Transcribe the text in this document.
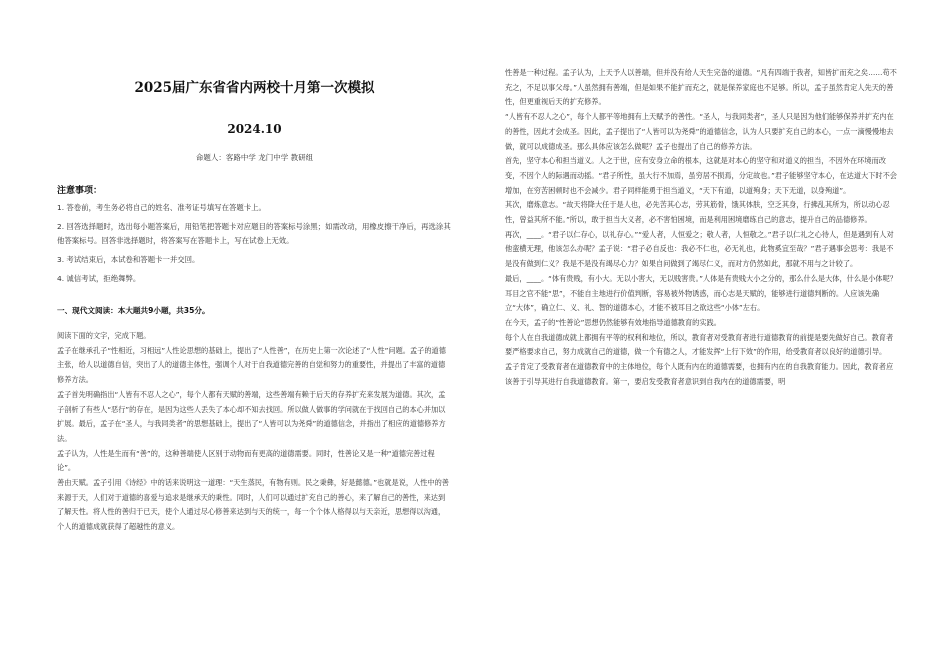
2025届广东省省内两校十月第一次模拟
2024.10
命题人：客路中学 龙门中学 教研组
注意事项：

1. 答卷前，考生务必将自己的姓名、准考证号填写在答题卡上。

2. 回答选择题时，选出每小题答案后，用铅笔把答题卡对应题目的答案标号涂黑；如需改动，用橡皮擦干净后，再选涂其他答案标号。回答非选择题时，将答案写在答题卡上，写在试卷上无效。

3. 考试结束后，本试卷和答题卡一并交回。

4. 诚信考试，拒绝舞弊。

一、现代文阅读：本大题共9小题，共35分。

阅读下面的文字，完成下题。

孟子在继承孔子“性相近，习相远”人性论思想的基础上，提出了“人性善”，在历史上第一次论述了“人性”问题。孟子的道德主张，给人以道德自信，突出了人的道德主体性，强调个人对于自我道德完善的自觉和努力的重要性，并提出了丰富的道德修养方法。

孟子首先明确指出“人皆有不忍人之心”，每个人都有天赋的善端，这些善端有赖于后天的存养扩充来发展为道德。其次，孟子剖析了有些人“恶行”的存在，是因为这些人丢失了本心却不知去找回。所以做人做事的学问就在于找回自己的本心并加以扩展。最后，孟子在“圣人，与我同类者”的思想基础上，提出了“人皆可以为尧舜”的道德信念，并指出了相应的道德修养方法。

孟子认为，人性是生而有“善”的，这种善端使人区别于动物而有更高的道德需要。同时，性善论又是一种“道德完善过程论”。

善由天赋。孟子引用《诗经》中的话来说明这一道理：“天生蒸民，有物有则。民之秉彝，好是懿德。”也就是说，人性中的善来源于天，人们对于道德的喜爱与追求是继承天的秉性。同时，人们可以通过扩充自己的善心，来了解自己的善性，来达到了解天性。将人性的善归于已天，使个人通过尽心修善来达到与天的统一，每一个个体人格得以与天亲近，思想得以沟通，个人的道德成就获得了超越性的意义。

性善是一种过程。孟子认为，上天予人以善端，但并没有给人天生完备的道德。“凡有四端于我者，知皆扩而充之矣……苟不充之，不足以事父母。”人虽然拥有善端，但是如果不能扩而充之，就是保养家庭也不足够。所以，孟子虽然肯定人先天的善性，但更重视后天的扩充修养。

“人皆有不忍人之心”，每个人都平等地拥有上天赋予的善性。“圣人，与我同类者”，圣人只是因为他们能够保养并扩充内在的善性，因此才会成圣。因此，孟子提出了“人皆可以为尧舜”的道德信念，认为人只要扩充自己的本心，一点一滴慢慢地去做，就可以成德成圣。那么具体应该怎么做呢？孟子也提出了自己的修养方法。

首先，坚守本心和担当道义。人之于世，应有安身立命的根本，这就是对本心的坚守和对道义的担当，不因外在环境而改变，不因个人的际遇而动摇。“君子所性，虽大行不加焉，虽穷居不损焉，分定故也。”君子能够坚守本心，在达道大下时不会增加，在穷苦困顿时也不会减少。君子同样能勇于担当道义，“天下有道，以道殉身；天下无道，以身殉道”。

其次，磨炼意志。“故天将降大任于是人也，必先苦其心志，劳其筋骨，饿其体肤，空乏其身，行拂乱其所为，所以动心忍性，曾益其所不能。”所以，敢于担当大义者，必不害怕困境，而是利用困境磨练自己的意志，提升自己的品德修养。

再次，____。“君子以仁存心，以礼存心。”“爱人者，人恒爱之；敬人者，人恒敬之。”君子以仁礼之心待人，但是遇到有人对他蛮横无理，他该怎么办呢？孟子说：“君子必自反也：我必不仁也，必无礼也，此物奚宜至哉？”君子遇事会思考：我是不是没有做到仁义？我是不是没有竭尽心力？如果自问做到了竭尽仁义，而对方仍然如此，那就不用与之计较了。

最后，____。“体有贵贱，有小大。无以小害大，无以贱害贵。”人体是有贵贱大小之分的，那么什么是大体，什么是小体呢？耳目之官不能“思”，不能自主地进行价值判断，容易被外物诱惑，而心志是天赋的，能够进行道德判断的。人应该先确立“大体”，确立仁、义、礼、智的道德本心，才能不被耳目之欲这些“小体”左右。

在今天，孟子的“性善论”思想仍然能够有效地指导道德教育的实践。

每个人在自我道德成就上都拥有平等的权利和地位，所以，教育者对受教育者进行道德教育的前提是要先做好自己。教育者要严格要求自己，努力成就自己的道德，做一个有德之人，才能发挥“上行下效”的作用，给受教育者以良好的道德引导。

孟子肯定了受教育者在道德教育中的主体地位，每个人既有内在的道德需要，也拥有内在的自我教育能力。因此，教育者应该善于引导其进行自我道德教育。第一，要启发受教育者意识到自我内在的道德需要，明
